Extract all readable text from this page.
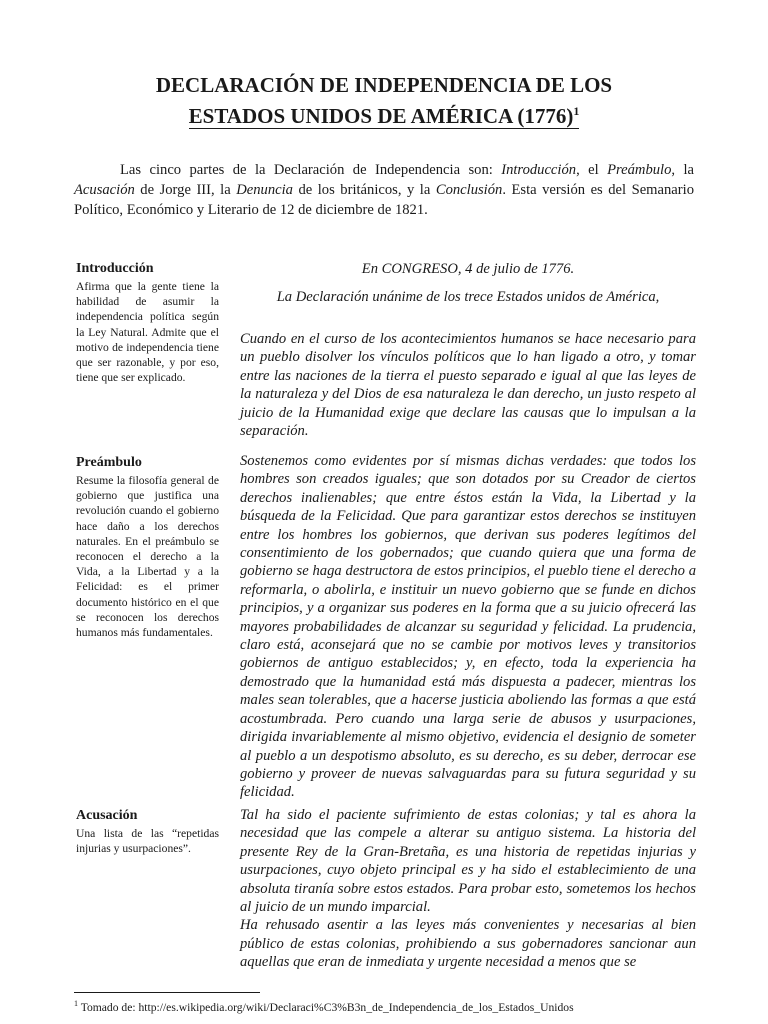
DECLARACIÓN DE INDEPENDENCIA DE LOS
ESTADOS UNIDOS DE AMÉRICA $(1776)^1$
Las cinco partes de la Declaración de Independencia son: Introducción, el Preámbulo, la Acusación de Jorge III, la Denuncia de los británicos, y la Conclusión. Esta versión es del Semanario Político, Económico y Literario de 12 de diciembre de 1821.
Introducción
Afirma que la gente tiene la habilidad de asumir la independencia política según la Ley Natural. Admite que el motivo de independencia tiene que ser razonable, y por eso, tiene que ser explicado.
Preámbulo
Resume la filosofía general de gobierno que justifica una revolución cuando el gobierno hace daño a los derechos naturales. En el preámbulo se reconocen el derecho a la Vida, a la Libertad y a la Felicidad: es el primer documento histórico en el que se reconocen los derechos humanos más fundamentales.
Acusación
Una lista de las “repetidas injurias y usurpaciones”.

En CONGRESO, 4 de julio de 1776.

La Declaración unánime de los trece Estados unidos de América,

Cuando en el curso de los acontecimientos humanos se hace necesario para un pueblo disolver los vínculos políticos que lo han ligado a otro, y tomar entre las naciones de la tierra el puesto separado e igual al que las leyes de la naturaleza y del Dios de esa naturaleza le dan derecho, un justo respeto al juicio de la Humanidad exige que declare las causas que lo impulsan a la separación.

Sostenemos como evidentes por sí mismas dichas verdades: que todos los hombres son creados iguales; que son dotados por su Creador de ciertos derechos inalienables; que entre éstos están la Vida, la Libertad y la búsqueda de la Felicidad. Que para garantizar estos derechos se instituyen entre los hombres los gobiernos, que derivan sus poderes legítimos del consentimiento de los gobernados; que cuando quiera que una forma de gobierno se haga destructora de estos principios, el pueblo tiene el derecho a reformarla, o abolirla, e instituir un nuevo gobierno que se funde en dichos principios, y a organizar sus poderes en la forma que a su juicio ofrecerá las mayores probabilidades de alcanzar su seguridad y felicidad. La prudencia, claro está, aconsejará que no se cambie por motivos leves y transitorios gobiernos de antiguo establecidos; y, en efecto, toda la experiencia ha demostrado que la humanidad está más dispuesta a padecer, mientras los males sean tolerables, que a hacerse justicia aboliendo las formas a que está acostumbrada. Pero cuando una larga serie de abusos y usurpaciones, dirigida invariablemente al mismo objetivo, evidencia el designio de someter al pueblo a un despotismo absoluto, es su derecho, es su deber, derrocar ese gobierno y proveer de nuevas salvaguardas para su futura seguridad y su felicidad.

Tal ha sido el paciente sufrimiento de estas colonias; y tal es ahora la necesidad que las compele a alterar su antiguo sistema. La historia del presente Rey de la Gran-Bretaña, es una historia de repetidas injurias y usurpaciones, cuyo objeto principal es y ha sido el establecimiento de una absoluta tiranía sobre estos estados. Para probar esto, sometemos los hechos al juicio de un mundo imparcial.

Ha rehusado asentir a las leyes más convenientes y necesarias al bien público de estas colonias, prohibiendo a sus gobernadores sancionar aun aquellas que eran de inmediata y urgente necesidad a menos que se

$^1$ Tomado de: http://es.wikipedia.org/wiki/Declaraci%C3%B3n_de_Independencia_de_los_Estados_Unidos
